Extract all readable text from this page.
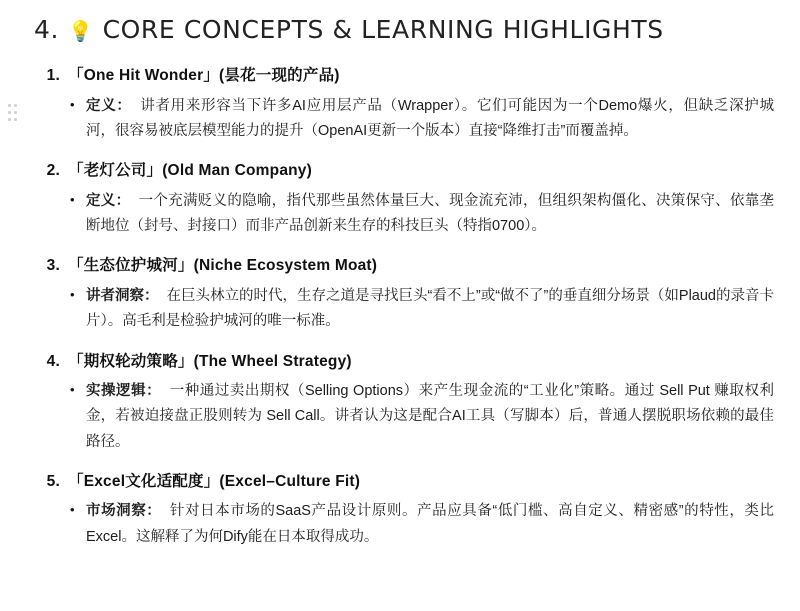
4. 💡 CORE CONCEPTS & LEARNING HIGHLIGHTS
1. 「One Hit Wonder」(昙花一现的产品)
• 定义： 讲者用来形容当下许多AI应用层产品（Wrapper）。它们可能因为一个Demo爆火，但缺乏深护城河，很容易被底层模型能力的提升（OpenAI更新一个版本）直接“降维打击”而覆盖掉。
2. 「老灯公司」(Old Man Company)
• 定义： 一个充满贬义的隐喻，指代那些虽然体量巨大、现金流充沛，但组织架构僵化、决策保守、依靠垄断地位（封号、封接口）而非产品创新来生存的科技巨头（特指0700）。
3. 「生态位护城河」(Niche Ecosystem Moat)
• 讲者洞察： 在巨头林立的时代，生存之道是寻找巨头“看不上”或“做不了”的垂直细分场景（如Plaud的录音卡片）。高毛利是检验护城河的唯一标准。
4. 「期权轮动策略」(The Wheel Strategy)
• 实操逻辑： 一种通过卖出期权（Selling Options）来产生现金流的“工业化”策略。通过 Sell Put 赚取权利金，若被迫接盘正股则转为 Sell Call。讲者认为这是配合AI工具（写脚本）后，普通人摆脱职场依赖的最佳路径。
5. 「Excel文化适配度」(Excel–Culture Fit)
• 市场洞察： 针对日本市场的SaaS产品设计原则。产品应具备“低门槛、高自定义、精密感”的特性，类比Excel。这解释了为何Dify能在日本取得成功。
